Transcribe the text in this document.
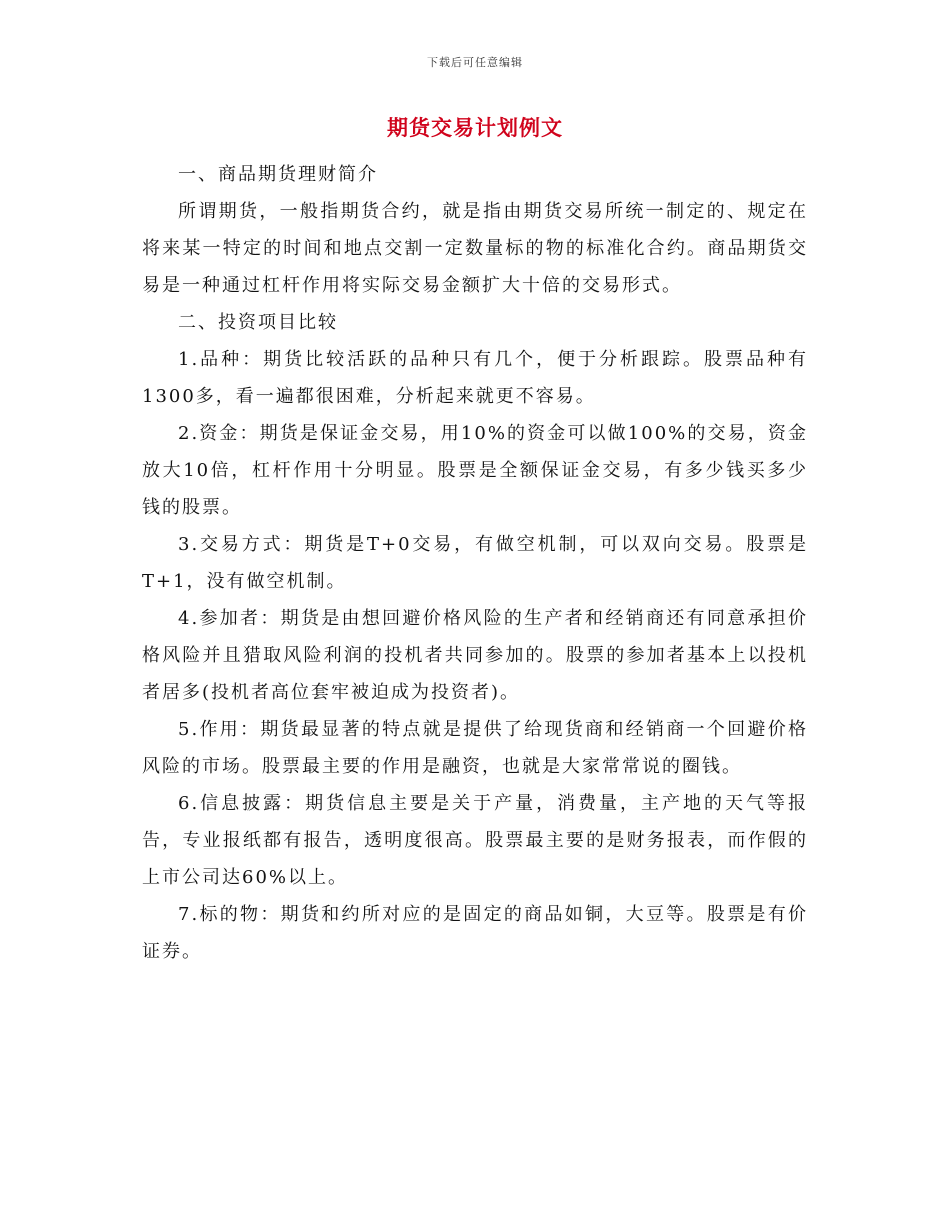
下载后可任意编辑
期货交易计划例文

一、商品期货理财简介

所谓期货，一般指期货合约，就是指由期货交易所统一制定的、规定在将来某一特定的时间和地点交割一定数量标的物的标准化合约。商品期货交易是一种通过杠杆作用将实际交易金额扩大十倍的交易形式。

二、投资项目比较

1.品种：期货比较活跃的品种只有几个，便于分析跟踪。股票品种有1300多，看一遍都很困难，分析起来就更不容易。

2.资金：期货是保证金交易，用10%的资金可以做100%的交易，资金放大10倍，杠杆作用十分明显。股票是全额保证金交易，有多少钱买多少钱的股票。

3.交易方式：期货是T+0交易，有做空机制，可以双向交易。股票是T+1，没有做空机制。

4.参加者：期货是由想回避价格风险的生产者和经销商还有同意承担价格风险并且猎取风险利润的投机者共同参加的。股票的参加者基本上以投机者居多(投机者高位套牢被迫成为投资者)。

5.作用：期货最显著的特点就是提供了给现货商和经销商一个回避价格风险的市场。股票最主要的作用是融资，也就是大家常常说的圈钱。

6.信息披露：期货信息主要是关于产量，消费量，主产地的天气等报告，专业报纸都有报告，透明度很高。股票最主要的是财务报表，而作假的上市公司达60%以上。

7.标的物：期货和约所对应的是固定的商品如铜，大豆等。股票是有价证券。
